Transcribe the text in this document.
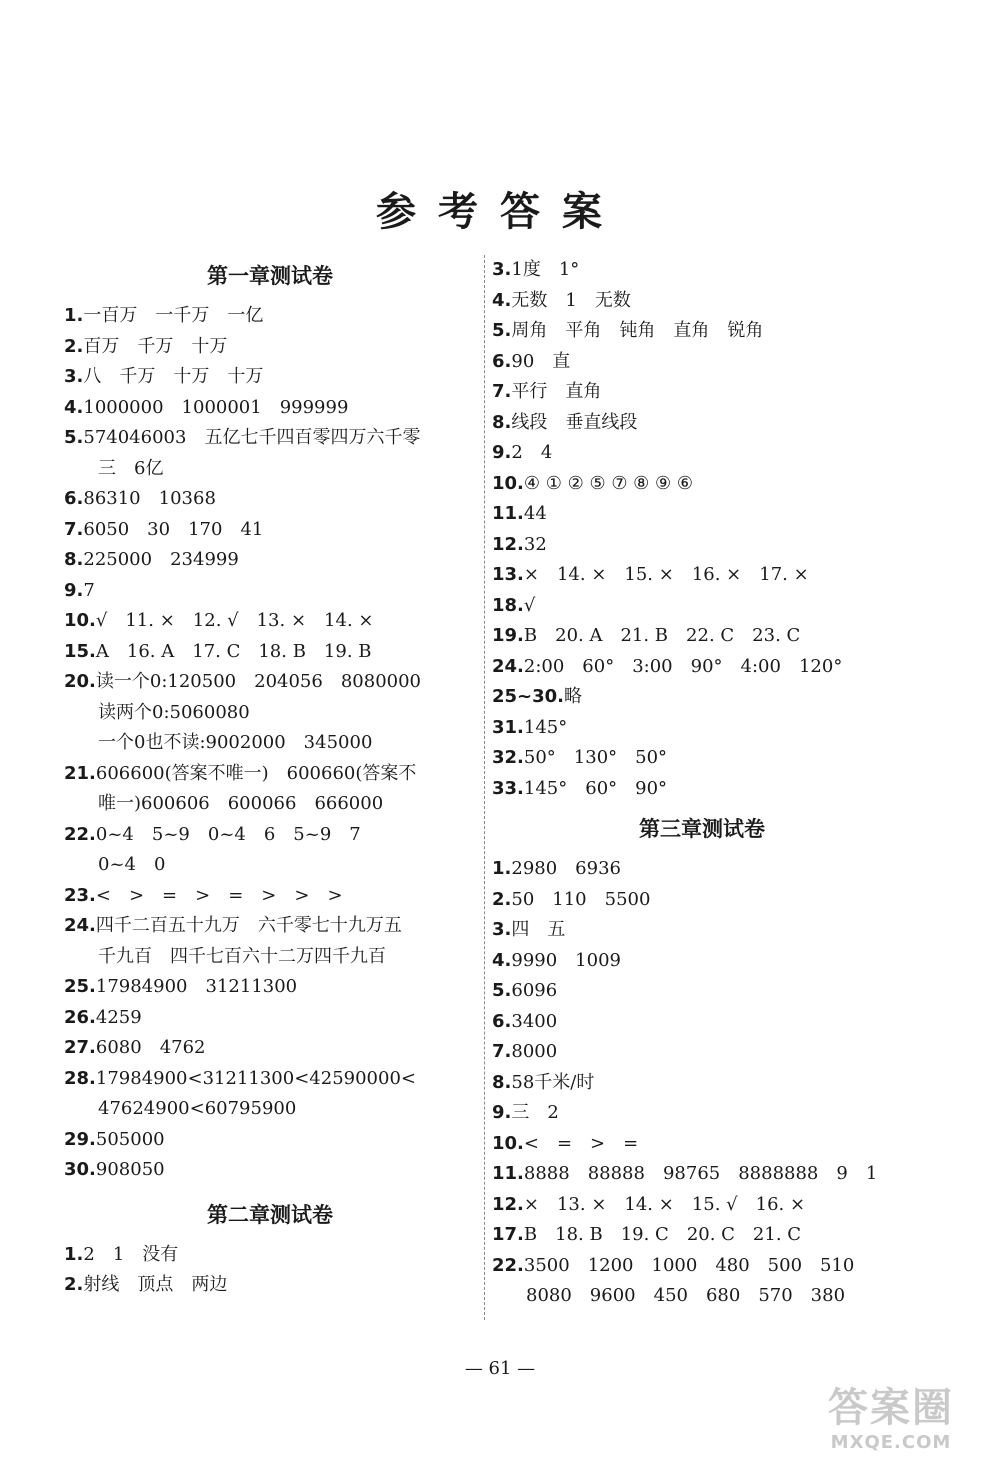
参考答案
第一章测试卷
1.一百万　一千万　一亿
2.百万　千万　十万
3.八　千万　十万　十万
4.1000000　1000001　999999
5.574046003　五亿七千四百零四万六千零
三　6亿
6.86310　10368
7.6050　30　170　41
8.225000　234999
9.7
10.√　11. ×　12. √　13. ×　14. ×
15.A　16. A　17. C　18. B　19. B
20.读一个0:120500　204056　8080000
读两个0:5060080
一个0也不读:9002000　345000
21.606600(答案不唯一)　600660(答案不
唯一)600606　600066　666000
22.0~4　5~9　0~4　6　5~9　7
0~4　0
23.<　>　=　>　=　>　>　>
24.四千二百五十九万　六千零七十九万五
千九百　四千七百六十二万四千九百
25.17984900　31211300
26.4259
27.6080　4762
28.17984900<31211300<42590000<
47624900<60795900
29.505000
30.908050
第二章测试卷
1.2　1　没有
2.射线　顶点　两边
3.1度　1°
4.无数　1　无数
5.周角　平角　钝角　直角　锐角
6.90　直
7.平行　直角
8.线段　垂直线段
9.2　4
10.④ ① ② ⑤ ⑦ ⑧ ⑨ ⑥
11.44
12.32
13.×　14. ×　15. ×　16. ×　17. ×
18.√
19.B　20. A　21. B　22. C　23. C
24.2:00　60°　3:00　90°　4:00　120°
25~30.略
31.145°
32.50°　130°　50°
33.145°　60°　90°
第三章测试卷
1.2980　6936
2.50　110　5500
3.四　五
4.9990　1009
5.6096
6.3400
7.8000
8.58千米/时
9.三　2
10.<　=　>　=
11.8888　88888　98765　8888888　9　1
12.×　13. ×　14. ×　15. √　16. ×
17.B　18. B　19. C　20. C　21. C
22.3500　1200　1000　480　500　510
8080　9600　450　680　570　380
— 61 —
答案圈
MXQE.COM
